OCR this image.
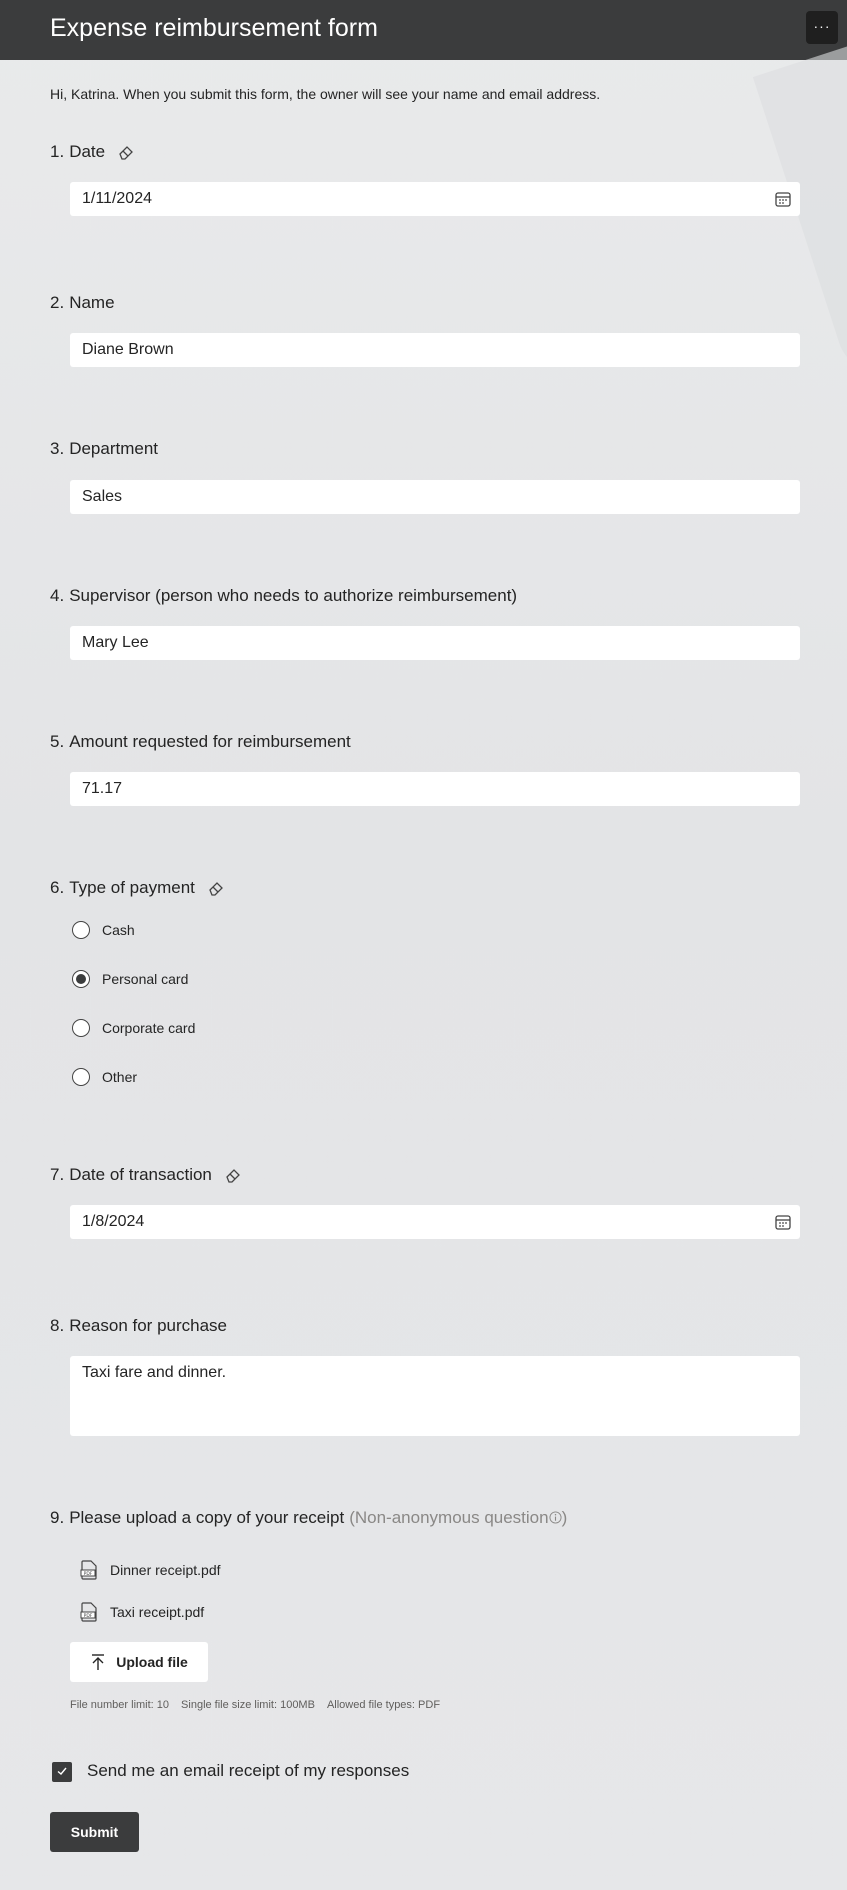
Expense reimbursement form	···
Hi, Katrina. When you submit this form, the owner will see your name and email address.
1. Date
1/11/2024
2. Name
Diane Brown
3. Department
Sales
4. Supervisor (person who needs to authorize reimbursement)
Mary Lee
5. Amount requested for reimbursement
71.17
6. Type of payment
Cash
Personal card
Corporate card
Other
7. Date of transaction
1/8/2024
8. Reason for purchase
Taxi fare and dinner.
9. Please upload a copy of your receipt (Non-anonymous question )
PDF Dinner receipt.pdf
PDF Taxi receipt.pdf
Upload file
File number limit: 10 Single file size limit: 100MB Allowed file types: PDF
Send me an email receipt of my responses
Submit
